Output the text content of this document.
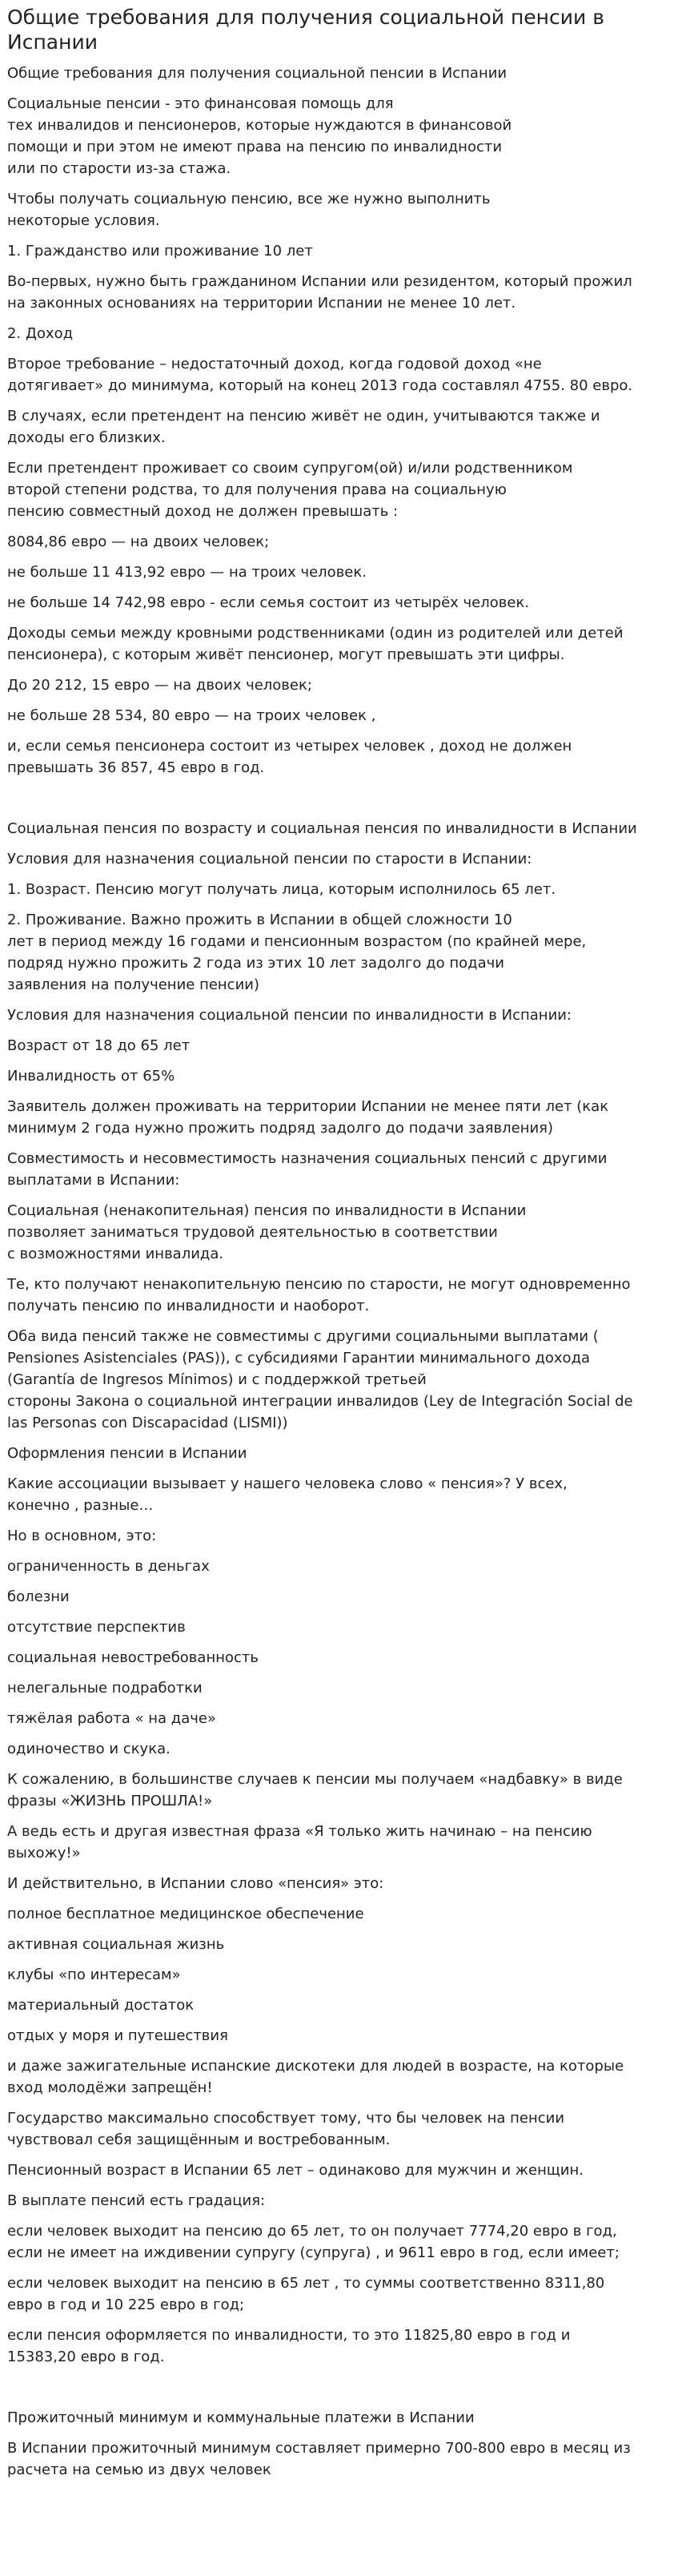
Общие требования для получения социальной пенсии в Испании

Общие требования для получения социальной пенсии в Испании

Социальные пенсии - это финансовая помощь для
тех инвалидов и пенсионеров, которые нуждаются в финансовой
помощи и при этом не имеют права на пенсию по инвалидности
или по старости из-за стажа.

Чтобы получать социальную пенсию, все же нужно выполнить
некоторые условия.

1. Гражданство или проживание 10 лет

Во-первых, нужно быть гражданином Испании или резидентом, который прожил
на законных основаниях на территории Испании не менее 10 лет.

2. Доход

Второе требование – недостаточный доход, когда годовой доход «не
дотягивает» до минимума, который на конец 2013 года составлял 4755. 80 евро.

В случаях, если претендент на пенсию живёт не один, учитываются также и
доходы его близких.

Если претендент проживает со своим супругом(ой) и/или родственником
второй степени родства, то для получения права на социальную
пенсию совместный доход не должен превышать :

8084,86 евро — на двоих человек;

не больше 11 413,92 евро — на троих человек.

не больше 14 742,98 евро - если семья состоит из четырёх человек.

Доходы семьи между кровными родственниками (один из родителей или детей
пенсионера), с которым живёт пенсионер, могут превышать эти цифры.

До 20 212, 15 евро — на двоих человек;

не больше 28 534, 80 евро — на троих человек ,

и, если семья пенсионера состоит из четырех человек , доход не должен
превышать 36 857, 45 евро в год.

Социальная пенсия по возрасту и социальная пенсия по инвалидности в Испании

Условия для назначения социальной пенсии по старости в Испании:

1. Возраст. Пенсию могут получать лица, которым исполнилось 65 лет.

2. Проживание. Важно прожить в Испании в общей сложности 10
лет в период между 16 годами и пенсионным возрастом (по крайней мере,
подряд нужно прожить 2 года из этих 10 лет задолго до подачи
заявления на получение пенсии)

Условия для назначения социальной пенсии по инвалидности в Испании:

Возраст от 18 до 65 лет

Инвалидность от 65%

Заявитель должен проживать на территории Испании не менее пяти лет (как
минимум 2 года нужно прожить подряд задолго до подачи заявления)

Совместимость и несовместимость назначения социальных пенсий с другими
выплатами в Испании:

Социальная (ненакопительная) пенсия по инвалидности в Испании
позволяет заниматься трудовой деятельностью в соответствии
с возможностями инвалида.

Те, кто получают ненакопительную пенсию по старости, не могут одновременно
получать пенсию по инвалидности и наоборот.

Оба вида пенсий также не совместимы с другими социальными выплатами (
Pensiones Asistenciales (PAS)), с субсидиями Гарантии минимального дохода
(Garantía de Ingresos Mínimos) и с поддержкой третьей
стороны Закона о социальной интеграции инвалидов (Ley de Integración Social de
las Personas con Discapacidad (LISMI))

Оформления пенсии в Испании

Какие ассоциации вызывает у нашего человека слово « пенсия»? У всех,
конечно , разные…

Но в основном, это:

ограниченность в деньгах

болезни

отсутствие перспектив

социальная невостребованность

нелегальные подработки

тяжёлая работа « на даче»

одиночество и скука.

К сожалению, в большинстве случаев к пенсии мы получаем «надбавку» в виде
фразы «ЖИЗНЬ ПРОШЛА!»

А ведь есть и другая известная фраза «Я только жить начинаю – на пенсию
выхожу!»

И действительно, в Испании слово «пенсия» это:

полное бесплатное медицинское обеспечение

активная социальная жизнь

клубы «по интересам»

материальный достаток

отдых у моря и путешествия

и даже зажигательные испанские дискотеки для людей в возрасте, на которые
вход молодёжи запрещён!

Государство максимально способствует тому, что бы человек на пенсии
чувствовал себя защищённым и востребованным.

Пенсионный возраст в Испании 65 лет – одинаково для мужчин и женщин.

В выплате пенсий есть градация:

если человек выходит на пенсию до 65 лет, то он получает 7774,20 евро в год,
если не имеет на иждивении супругу (супруга) , и 9611 евро в год, если имеет;

если человек выходит на пенсию в 65 лет , то суммы соответственно 8311,80
евро в год и 10 225 евро в год;

если пенсия оформляется по инвалидности, то это 11825,80 евро в год и
15383,20 евро в год.

Прожиточный минимум и коммунальные платежи в Испании

В Испании прожиточный минимум составляет примерно 700-800 евро в месяц из
расчета на семью из двух человек
